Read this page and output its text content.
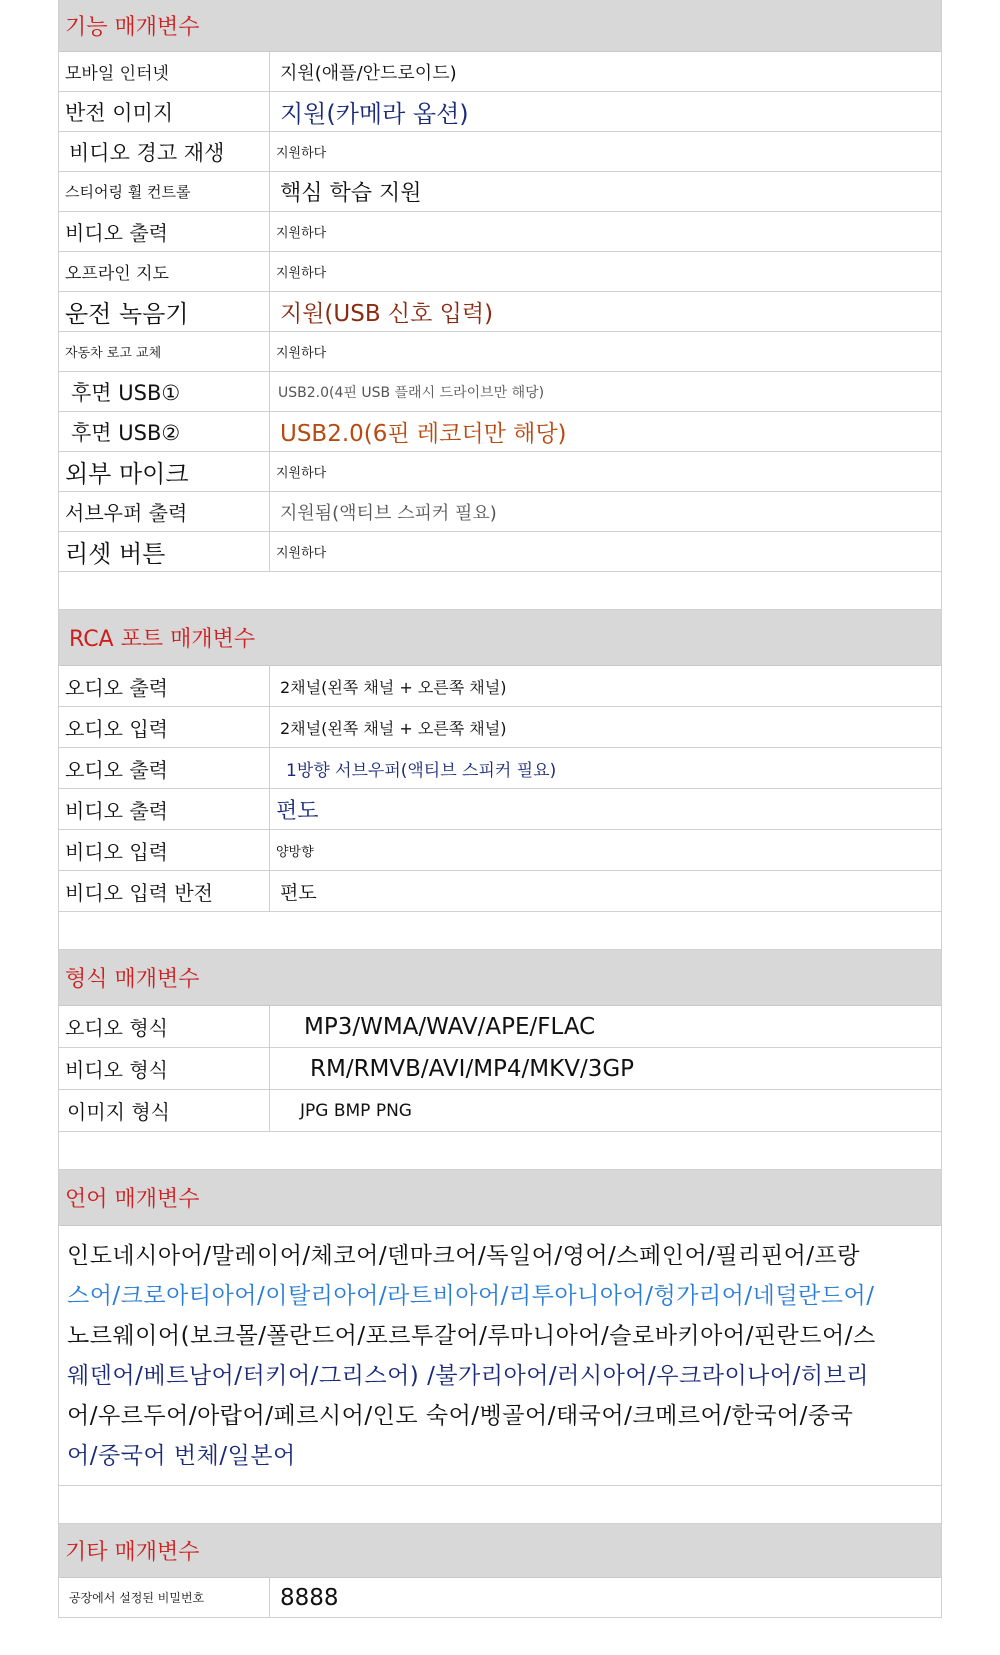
기능 매개변수
모바일 인터넷	지원(애플/안드로이드)
반전 이미지	지원(카메라 옵션)
비디오 경고 재생	지원하다
스티어링 휠 컨트롤	핵심 학습 지원
비디오 출력	지원하다
오프라인 지도	지원하다
운전 녹음기	지원(USB 신호 입력)
자동차 로고 교체	지원하다
후면 USB①	USB2.0(4핀 USB 플래시 드라이브만 해당)
후면 USB②	USB2.0(6핀 레코더만 해당)
외부 마이크	지원하다
서브우퍼 출력	지원됨(액티브 스피커 필요)
리셋 버튼	지원하다
RCA 포트 매개변수
오디오 출력	2채널(왼쪽 채널 + 오른쪽 채널)
오디오 입력	2채널(왼쪽 채널 + 오른쪽 채널)
오디오 출력	1방향 서브우퍼(액티브 스피커 필요)
비디오 출력	편도
비디오 입력	양방향
비디오 입력 반전	편도
형식 매개변수
오디오 형식	MP3/WMA/WAV/APE/FLAC
비디오 형식	RM/RMVB/AVI/MP4/MKV/3GP
이미지 형식	JPG BMP PNG
언어 매개변수
인도네시아어/말레이어/체코어/덴마크어/독일어/영어/스페인어/필리핀어/프랑
스어/크로아티아어/이탈리아어/라트비아어/리투아니아어/헝가리어/네덜란드어/
노르웨이어(보크몰/폴란드어/포르투갈어/루마니아어/슬로바키아어/핀란드어/스
웨덴어/베트남어/터키어/그리스어) /불가리아어/러시아어/우크라이나어/히브리
어/우르두어/아랍어/페르시어/인도 숙어/벵골어/태국어/크메르어/한국어/중국
어/중국어 번체/일본어
기타 매개변수
공장에서 설정된 비밀번호	8888
